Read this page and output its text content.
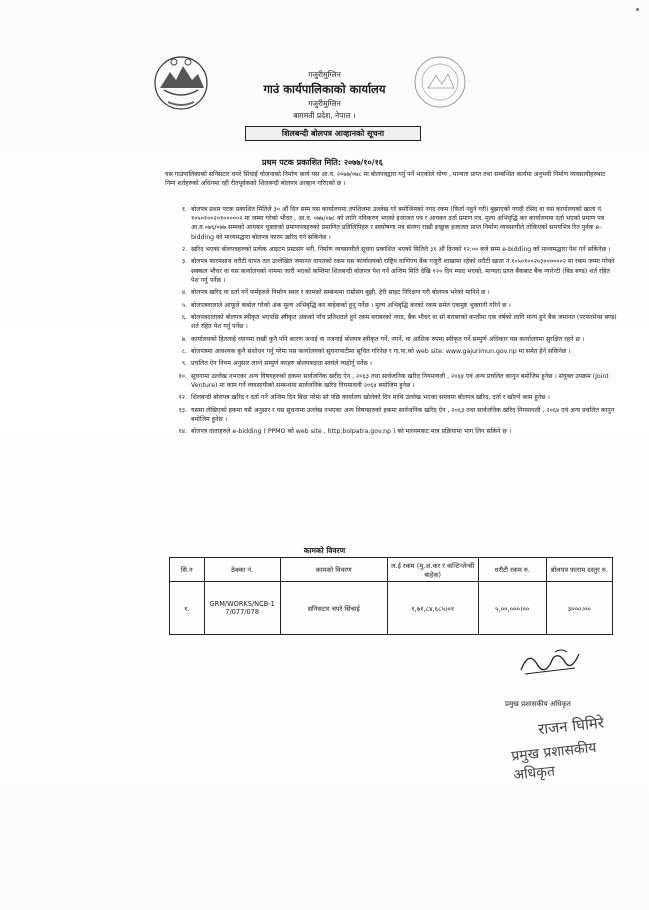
गजुरीमुग्लिन
गाउं कार्यपालिकाको कार्यालय
गजुरीमुग्लिन
बागमती प्रदेश, नेपाल ।
शिलबन्दी बोलपत्र आव्हानको सूचना
प्रथम पटक प्रकाशित मिति: २०७७/१०/१६
यस गाउंपालिकाको सनिसटार चपरे सिंचाई योजनाको निर्माण कार्य यस आ.व. २०७७/०७८ मा बोलपत्रद्वारा गर्नु पर्ने भएकोले योग्य , मान्यता प्राप्त तथा सम्बन्धित कार्यमा अनुभवी निर्माण व्यवसायीहरुबाट निम्न शर्तहरुको अधिनमा रही रीतपूर्वकको शिलबन्दी बोलपत्र आव्हान गरिएको छ ।
१. बोलपत्र प्रथम पटक प्रकाशित मितिले ३० औं दिन सम्म यस कार्यालयमा तपशिलमा उल्लेख गरे बमोजिमको नगद रकम (फिर्ता नहुने गरी) बुझाएको नगदी रसिद वा यस कार्यालयको खाता नं. १०५०१००२०१०००००२ मा जम्मा गरेको भौचर , आ.व. ०७७/०७८ को लागि नविकरण भएको इजाजत पत्र र आयकर दर्ता प्रमाण पत्र, मुल्य अभिवृद्धि कर कार्यालयमा दर्ता भएको प्रमाण पत्र आ.व.०७६/०७७ सम्मको आयकर चुक्ताको प्रमाणपत्रहरुको प्रमाणित प्रतिलिपिहरु र स्वघोषणा पत्र संलग्न राखी इच्छुक इजाजत प्राप्त निर्माण व्यवसायीले तोकिएको समयभित्र रित पुर्वक e-bidding को माध्यमद्धारा बोलपत्र फारम खरिद गर्न सकिनेछ ।
२. खरिद भएका बोलपत्रहरुको प्रत्येक आइटम प्रस्टसंग भरी, निर्माण व्यवसायीले सूचना प्रकाशित भएको मितिले ३१ औं दिनको १२:०० बजे सम्म e-bidding को माध्यमद्धारा पेश गर्न सकिनेछ ।
३. बोलपत्र फारमसाथ धरौटी वापत तल उल्लेखित जमानत वापतको रकम यस कार्यालयको राष्ट्रिय वाणिज्य बैंक गजुरी शाखामा रहेको धरौटी खाता नं.१०५०१००२०३००००००२ मा रकम जम्मा गरेको सक्कल भौचर वा यस कार्यालयको नाममा जारी भएको कम्तिमा शिलबन्दी बोलपत्र पेश गर्ने अन्तिम मिति देखि १२० दिन म्याद भएको, मान्यता प्राप्त बैंकबाट बैंक ग्यारेन्टी (बिड बण्ड) शर्त रहित पेश गर्नु पर्नेछ ।
४. बोलपत्र खरिद वा दर्ता गर्ने फर्महरुले निर्माण स्थल र कामको सम्बन्धमा राम्रोसंग बुझी, हेरी साइट निरिक्षण गरी बोलपत्र भरेको मानिने छ ।
५. बोलपत्रवालाले आफूले कबोल गरेको अंक मूल्य अभिबृद्धि कर बाहेकको हुनु पर्नेछ । मुल्य अभिबृद्धि करको रकम समेत एकमुष्ट भुक्तानी गरिने छ ।
६. बोलपत्रदाताको बोलपत्र स्वीकृत भएपछि स्वीकृत अंकको पाँच प्रतिशतले हुने रकम बराबरको नगद, बैंक भौचर वा सो बराबरको कन्तीमा एक वर्षको लागि मान्य हुने बैंक जमानत (परफरमेन्स बण्ड) शर्त रहित पेश गर्नु पर्नेछ ।
७. कार्यालयको हितलाई ध्यानमा राखी कुनै पनि कारण जनाई वा नजनाई बोलपत्र स्वीकृत गर्ने, नगर्ने, वा आंशिक रुपमा स्वीकृत गर्ने सम्पुर्ण अधिकार यस कार्यालयमा सुरक्षित रहने छ ।
८. बोलपत्रमा आवश्यक कुनै संशोधन गर्नु परेमा यस कार्यालयको सूचनापाटीमा सूचित गरिनेछ र गा.पा.को web site: www.gajurimun.gov.np मा समेत हेर्न सकिनेछ ।
९. प्रचलित ऐन नियम अनुसार लाग्ने सम्पुर्ण करहरु बोलपत्रदाता स्वयंले व्यहोर्नु पर्नेछ ।
१०. सूचनामा उल्लेख नभएका अन्य विषयहरुको हकमा सार्वजनिक खरीद ऐन , २०६३ तथा सार्वजनिक खरिद नियमावली , २०६४ एवं अन्य प्रचलित कानुन बमोजिम हुनेछ । संयुक्त उपक्रम (Joint Venture) मा काम गर्ने व्यवसायीको सम्बन्धमा सार्वजनिक खरिद नियमावली २०६४ बमोजिम हुनेछ ।
१२. शिलबन्दी बोलपत्र खरिद र दर्ता गर्ने अन्तिम दिन बिदा परेमा सो पछि कार्यालय खोलेको दिन माथि उल्लेख भएका समयमा बोलपत्र खरिद, दर्ता र खोल्ने काम हुनेछ ।
१३. यसमा लेखिएको हकमा यसै अनुसार र यस सुचनामा उल्लेख नभएका अन्य विषयहरुको हकमा सार्वजनिक खरिद ऐन , २०६३ तथा सार्वजनिक खरिद नियमावली , २०६४ एवं अन्य प्रचलित कानुन बमोजिम हुनेछ ।
१४. बोलपत्र दाताहरुले e-bidding ( PPMO को web site , http:bolpatra.gov.np ) को माध्यमबाट मात्र प्रक्रियामा भाग लिन सकिने छ ।
कामको विवरण
सि.न	ठेक्का नं.	कामको विवरण	ल.ई रकम (मु.अ.कर र कन्टिन्जेन्सी बाहेक)	धरौटी रकम रु.	बोलपत्र फाराम दस्तुर रु.
१.	GRM/WORKS/NCB-17/077/078	सनिसटार चपरे सिंचाई	१,७१,८४,६८५।०१	५,००,०००।००	३०००।००
प्रमुख प्रशासकीय अधिकृत
राजन घिमिरे
प्रमुख प्रशासकीय अधिकृत
